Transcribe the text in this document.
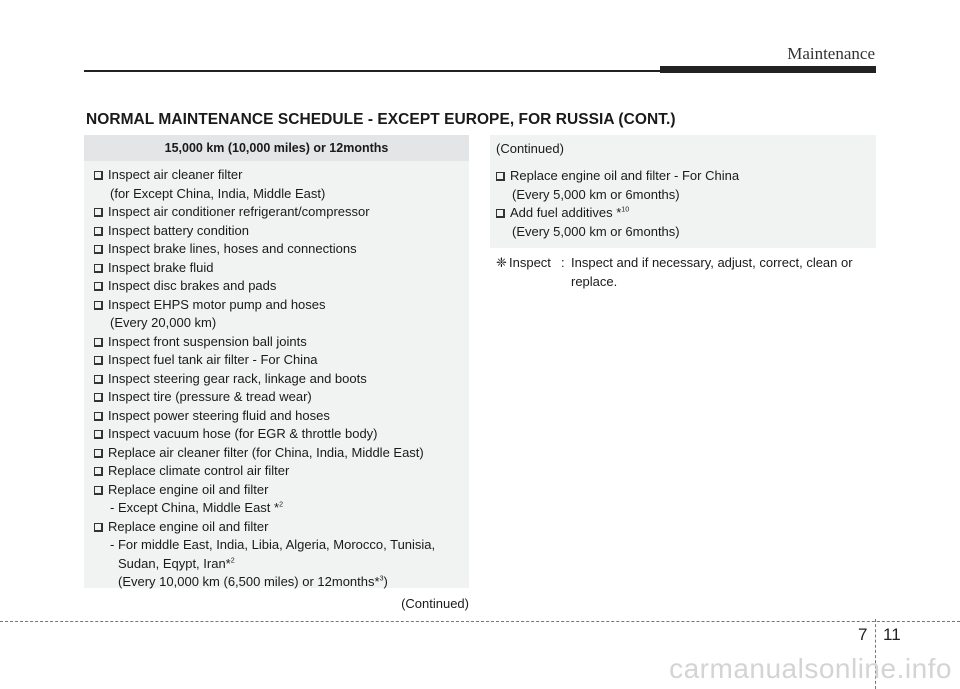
Maintenance
NORMAL MAINTENANCE SCHEDULE - EXCEPT EUROPE, FOR RUSSIA (CONT.)
15,000 km (10,000 miles) or 12months
Inspect air cleaner filter
(for Except China, India, Middle East)
Inspect air conditioner refrigerant/compressor
Inspect battery condition
Inspect brake lines, hoses and connections
Inspect brake fluid
Inspect disc brakes and pads
Inspect EHPS motor pump and hoses
(Every 20,000 km)
Inspect front suspension ball joints
Inspect fuel tank air filter - For China
Inspect steering gear rack, linkage and boots
Inspect tire (pressure & tread wear)
Inspect power steering fluid and hoses
Inspect vacuum hose (for EGR & throttle body)
Replace air cleaner filter (for China, India, Middle East)
Replace climate control air filter
Replace engine oil and filter
- Except China, Middle East *$^2$
Replace engine oil and filter
- For middle East, India, Libia, Algeria, Morocco, Tunisia,
Sudan, Eqypt, Iran*$^2$
(Every 10,000 km (6,500 miles) or 12months*$^3$)
(Continued)
(Continued)
Replace engine oil and filter - For China
(Every 5,000 km or 6months)
Add fuel additives *$^{10}$
(Every 5,000 km or 6months)
❈ Inspect : Inspect and if necessary, adjust, correct, clean or
replace.
7 11
carmanualsonline.info
